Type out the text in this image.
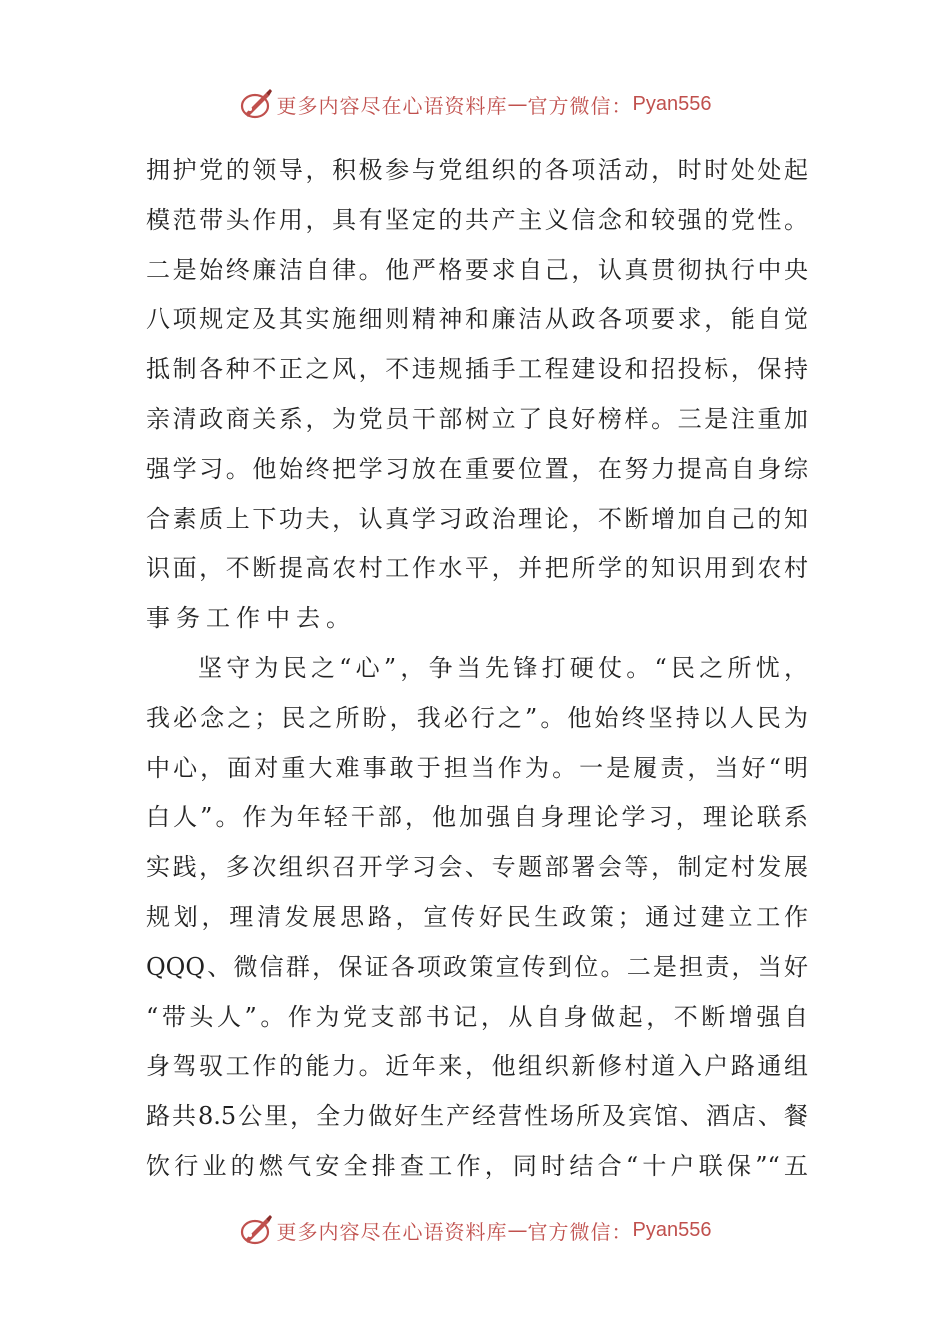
更多内容尽在心语资料库 — 官方微信： Pyan556
拥护党的领导，积极参与党组织的各项活动，时时处处起
模范带头作用，具有坚定的共产主义信念和较强的党性。
二是始终廉洁自律。他严格要求自己，认真贯彻执行中央
八项规定及其实施细则精神和廉洁从政各项要求，能自觉
抵制各种不正之风，不违规插手工程建设和招投标，保持
亲清政商关系，为党员干部树立了良好榜样。三是注重加
强学习。他始终把学习放在重要位置，在努力提高自身综
合素质上下功夫，认真学习政治理论，不断增加自己的知
识面，不断提高农村工作水平，并把所学的知识用到农村
事务工作中去。
坚守为民之“心”，争当先锋打硬仗。“民之所忧，
我必念之；民之所盼，我必行之”。他始终坚持以人民为
中心，面对重大难事敢于担当作为。一是履责，当好“明
白人”。作为年轻干部，他加强自身理论学习，理论联系
实践，多次组织召开学习会、专题部署会等，制定村发展
规划，理清发展思路，宣传好民生政策；通过建立工作
QQQ、微信群，保证各项政策宣传到位。二是担责，当好
“带头人”。作为党支部书记，从自身做起，不断增强自
身驾驭工作的能力。近年来，他组织新修村道入户路通组
路共8.5公里，全力做好生产经营性场所及宾馆、酒店、餐
饮行业的燃气安全排查工作，同时结合“十户联保”“五
更多内容尽在心语资料库 — 官方微信： Pyan556
